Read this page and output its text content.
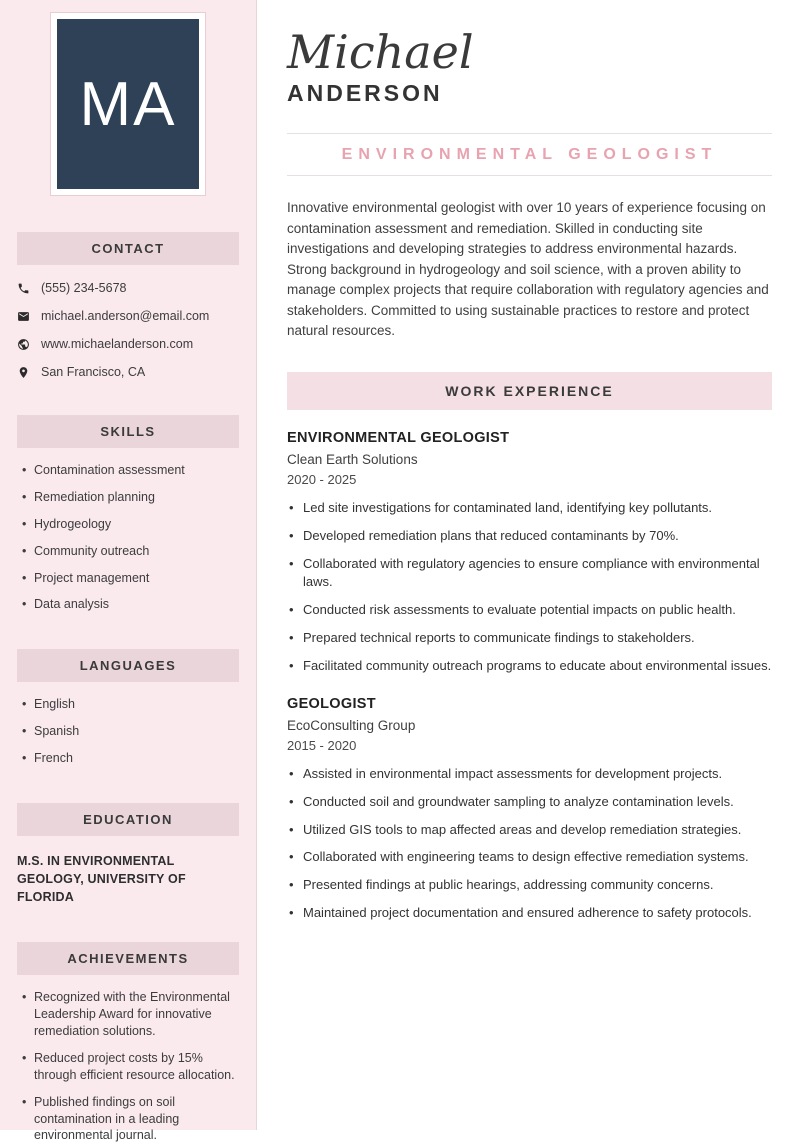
MA
CONTACT
(555) 234-5678
michael.anderson@email.com
www.michaelanderson.com
San Francisco, CA
SKILLS
• Contamination assessment
• Remediation planning
• Hydrogeology
• Community outreach
• Project management
• Data analysis
LANGUAGES
• English
• Spanish
• French
EDUCATION
M.S. IN ENVIRONMENTAL GEOLOGY, UNIVERSITY OF FLORIDA
ACHIEVEMENTS
• Recognized with the Environmental Leadership Award for innovative remediation solutions.
• Reduced project costs by 15% through efficient resource allocation.
• Published findings on soil contamination in a leading environmental journal.
Michael
ANDERSON
ENVIRONMENTAL GEOLOGIST

Innovative environmental geologist with over 10 years of experience focusing on contamination assessment and remediation. Skilled in conducting site investigations and developing strategies to address environmental hazards. Strong background in hydrogeology and soil science, with a proven ability to manage complex projects that require collaboration with regulatory agencies and stakeholders. Committed to using sustainable practices to restore and protect natural resources.

WORK EXPERIENCE
ENVIRONMENTAL GEOLOGIST
Clean Earth Solutions
2020 - 2025
• Led site investigations for contaminated land, identifying key pollutants.
• Developed remediation plans that reduced contaminants by 70%.
• Collaborated with regulatory agencies to ensure compliance with environmental laws.
• Conducted risk assessments to evaluate potential impacts on public health.
• Prepared technical reports to communicate findings to stakeholders.
• Facilitated community outreach programs to educate about environmental issues.
GEOLOGIST
EcoConsulting Group
2015 - 2020
• Assisted in environmental impact assessments for development projects.
• Conducted soil and groundwater sampling to analyze contamination levels.
• Utilized GIS tools to map affected areas and develop remediation strategies.
• Collaborated with engineering teams to design effective remediation systems.
• Presented findings at public hearings, addressing community concerns.
• Maintained project documentation and ensured adherence to safety protocols.
